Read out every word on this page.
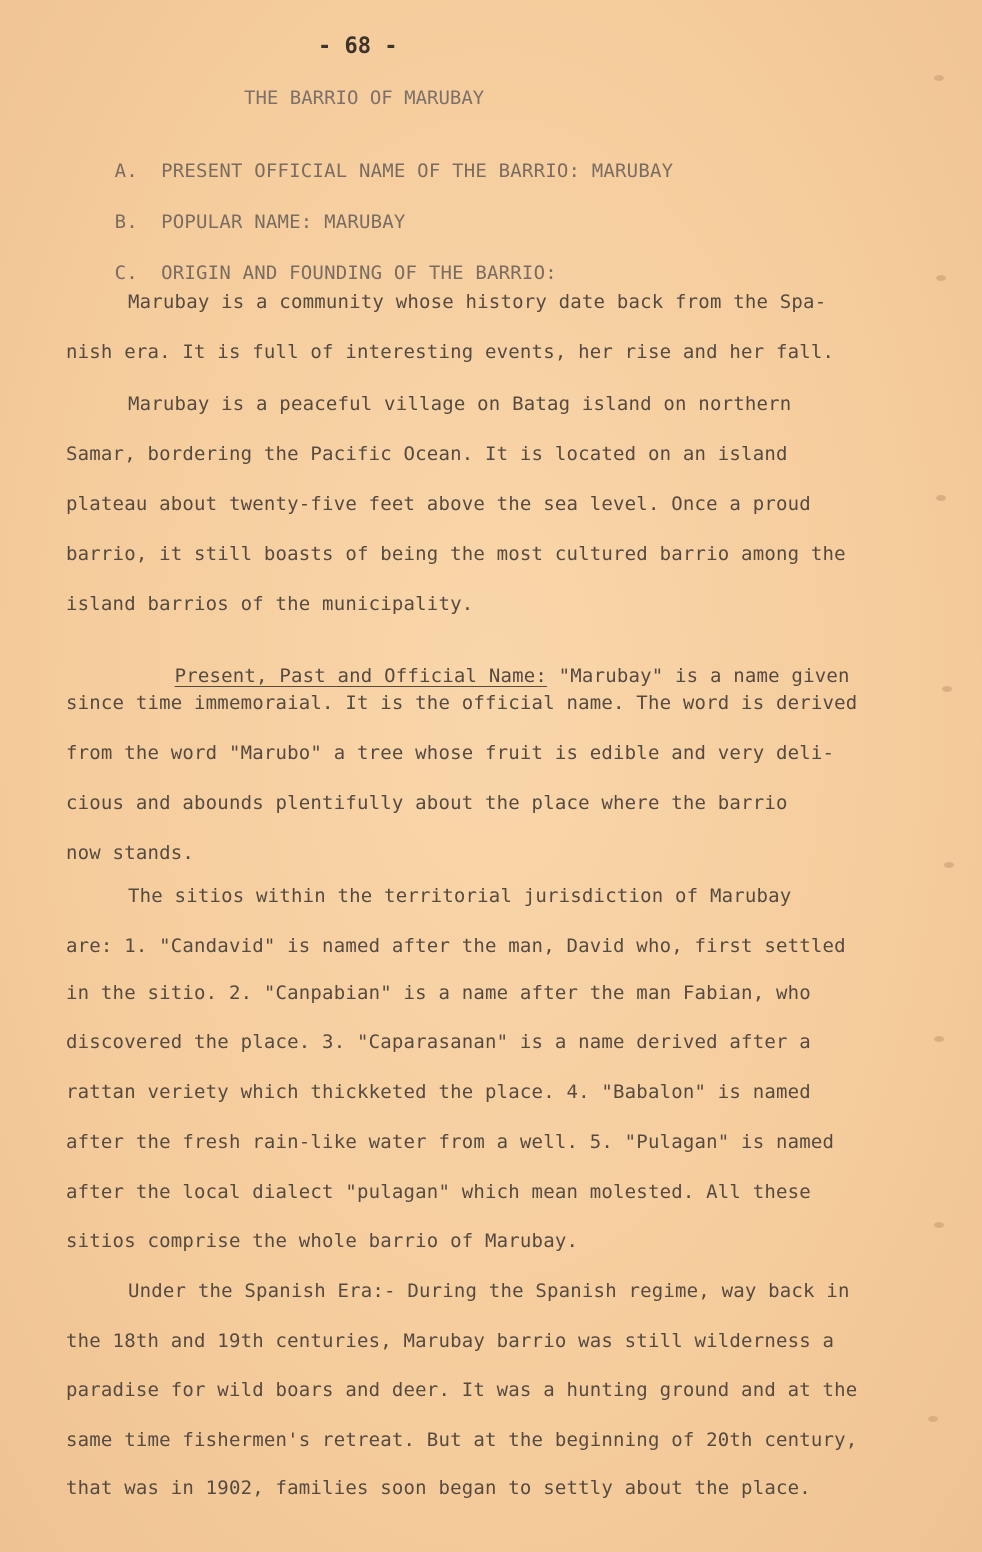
- 68 -
THE BARRIO OF MARUBAY

A. PRESENT OFFICIAL NAME OF THE BARRIO: MARUBAY

B. POPULAR NAME: MARUBAY

C. ORIGIN AND FOUNDING OF THE BARRIO:

Marubay is a community whose history date back from the Spa-
nish era. It is full of interesting events, her rise and her fall.
Marubay is a peaceful village on Batag island on northern
Samar, bordering the Pacific Ocean. It is located on an island
plateau about twenty-five feet above the sea level. Once a proud
barrio, it still boasts of being the most cultured barrio among the
island barrios of the municipality.

Present, Past and Official Name: "Marubay" is a name given

since time immemoraial. It is the official name. The word is derived
from the word "Marubo" a tree whose fruit is edible and very deli-
cious and abounds plentifully about the place where the barrio
now stands.
The sitios within the territorial jurisdiction of Marubay
are: 1. "Candavid" is named after the man, David who, first settled
in the sitio. 2. "Canpabian" is a name after the man Fabian, who
discovered the place. 3. "Caparasanan" is a name derived after a
rattan veriety which thickketed the place. 4. "Babalon" is named
after the fresh rain-like water from a well. 5. "Pulagan" is named
after the local dialect "pulagan" which mean molested. All these
sitios comprise the whole barrio of Marubay.
Under the Spanish Era:- During the Spanish regime, way back in
the 18th and 19th centuries, Marubay barrio was still wilderness a
paradise for wild boars and deer. It was a hunting ground and at the
same time fishermen's retreat. But at the beginning of 20th century,
that was in 1902, families soon began to settly about the place.
